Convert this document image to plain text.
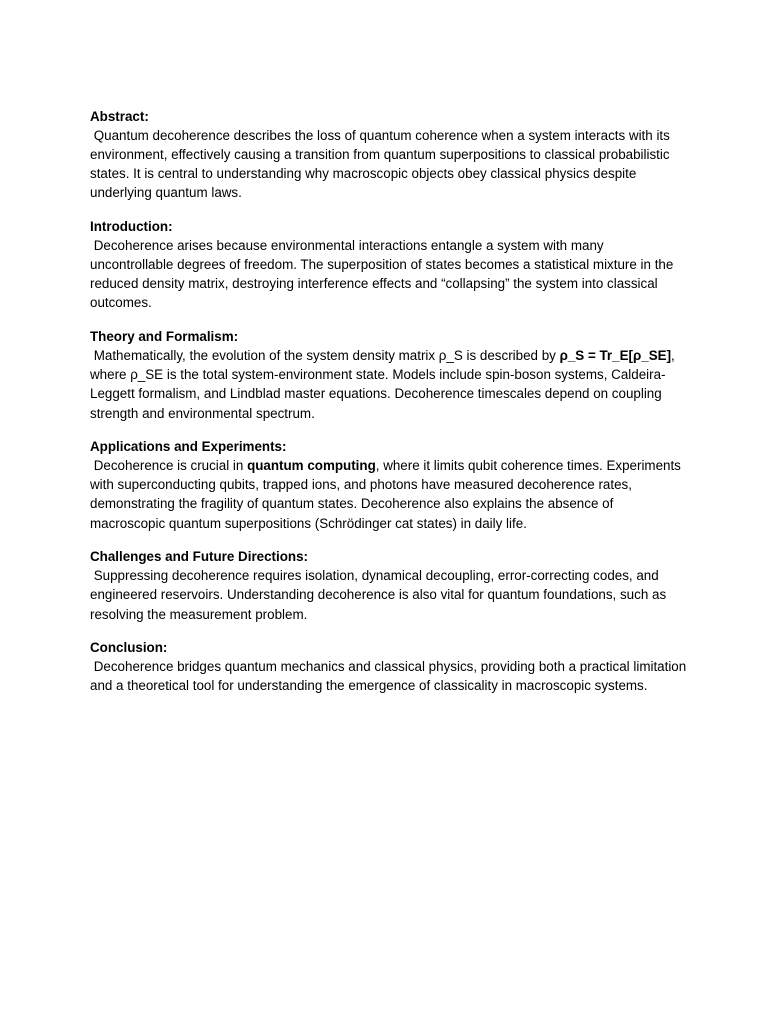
Abstract:
Quantum decoherence describes the loss of quantum coherence when a system interacts with its environment, effectively causing a transition from quantum superpositions to classical probabilistic states. It is central to understanding why macroscopic objects obey classical physics despite underlying quantum laws.
Introduction:
Decoherence arises because environmental interactions entangle a system with many uncontrollable degrees of freedom. The superposition of states becomes a statistical mixture in the reduced density matrix, destroying interference effects and “collapsing” the system into classical outcomes.
Theory and Formalism:
Mathematically, the evolution of the system density matrix ρ_S is described by ρ_S = Tr_E[ρ_SE], where ρ_SE is the total system-environment state. Models include spin-boson systems, Caldeira-Leggett formalism, and Lindblad master equations. Decoherence timescales depend on coupling strength and environmental spectrum.
Applications and Experiments:
Decoherence is crucial in quantum computing, where it limits qubit coherence times. Experiments with superconducting qubits, trapped ions, and photons have measured decoherence rates, demonstrating the fragility of quantum states. Decoherence also explains the absence of macroscopic quantum superpositions (Schrödinger cat states) in daily life.
Challenges and Future Directions:
Suppressing decoherence requires isolation, dynamical decoupling, error-correcting codes, and engineered reservoirs. Understanding decoherence is also vital for quantum foundations, such as resolving the measurement problem.
Conclusion:
Decoherence bridges quantum mechanics and classical physics, providing both a practical limitation and a theoretical tool for understanding the emergence of classicality in macroscopic systems.
